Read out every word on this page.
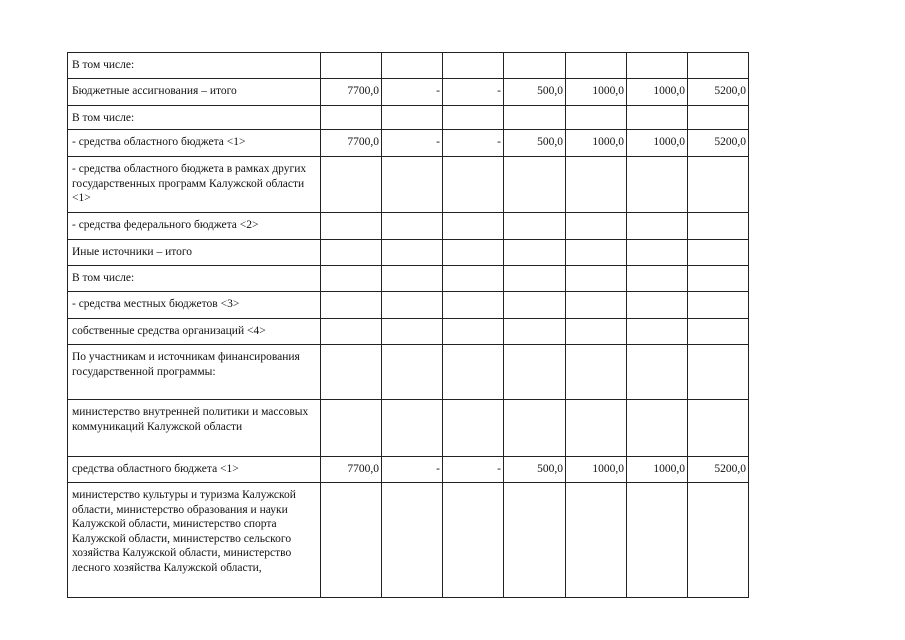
В том числе:							
Бюджетные ассигнования – итого	7700,0	-	-	500,0	1000,0	1000,0	5200,0
В том числе:							
- средства областного бюджета <1>	7700,0	-	-	500,0	1000,0	1000,0	5200,0
- средства областного бюджета в рамках других государственных программ Калужской области <1>							
- средства федерального бюджета <2>							
Иные источники – итого							
В том числе:							
- средства местных бюджетов <3>							
собственные средства организаций <4>							
По участникам и источникам финансирования государственной программы:							
министерство внутренней политики и массовых коммуникаций Калужской области							
средства областного бюджета <1>	7700,0	-	-	500,0	1000,0	1000,0	5200,0
министерство культуры и туризма Калужской области, министерство образования и науки Калужской области, министерство спорта Калужской области, министерство сельского хозяйства Калужской области, министерство лесного хозяйства Калужской области,							
